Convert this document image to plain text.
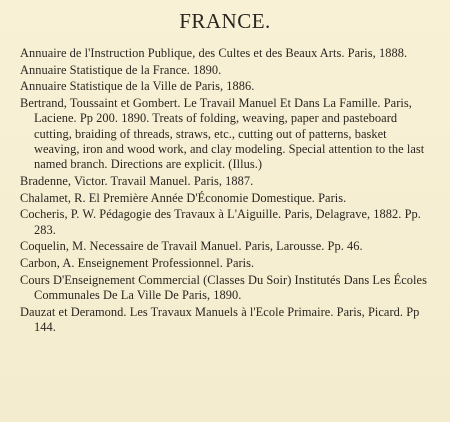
FRANCE.
Annuaire de l'Instruction Publique, des Cultes et des Beaux Arts. Paris, 1888.
Annuaire Statistique de la France. 1890.
Annuaire Statistique de la Ville de Paris, 1886.
Bertrand, Toussaint et Gombert. Le Travail Manuel Et Dans La Famille. Paris, Laciene. Pp 200. 1890. Treats of folding, weaving, paper and pasteboard cutting, braiding of threads, straws, etc., cutting out of patterns, basket weaving, iron and wood work, and clay modeling. Special attention to the last named branch. Directions are explicit. (Illus.)
Bradenne, Victor. Travail Manuel. Paris, 1887.
Chalamet, R. El Première Année D'Économie Domestique. Paris.
Cocheris, P. W. Pédagogie des Travaux à L'Aiguille. Paris, Delagrave, 1882. Pp. 283.
Coquelin, M. Necessaire de Travail Manuel. Paris, Larousse. Pp. 46.
Carbon, A. Enseignement Professionnel. Paris.
Cours D'Enseignement Commercial (Classes Du Soir) Institutés Dans Les Écoles Communales De La Ville De Paris, 1890.
Dauzat et Deramond. Les Travaux Manuels à l'Ecole Primaire. Paris, Picard. Pp 144.
